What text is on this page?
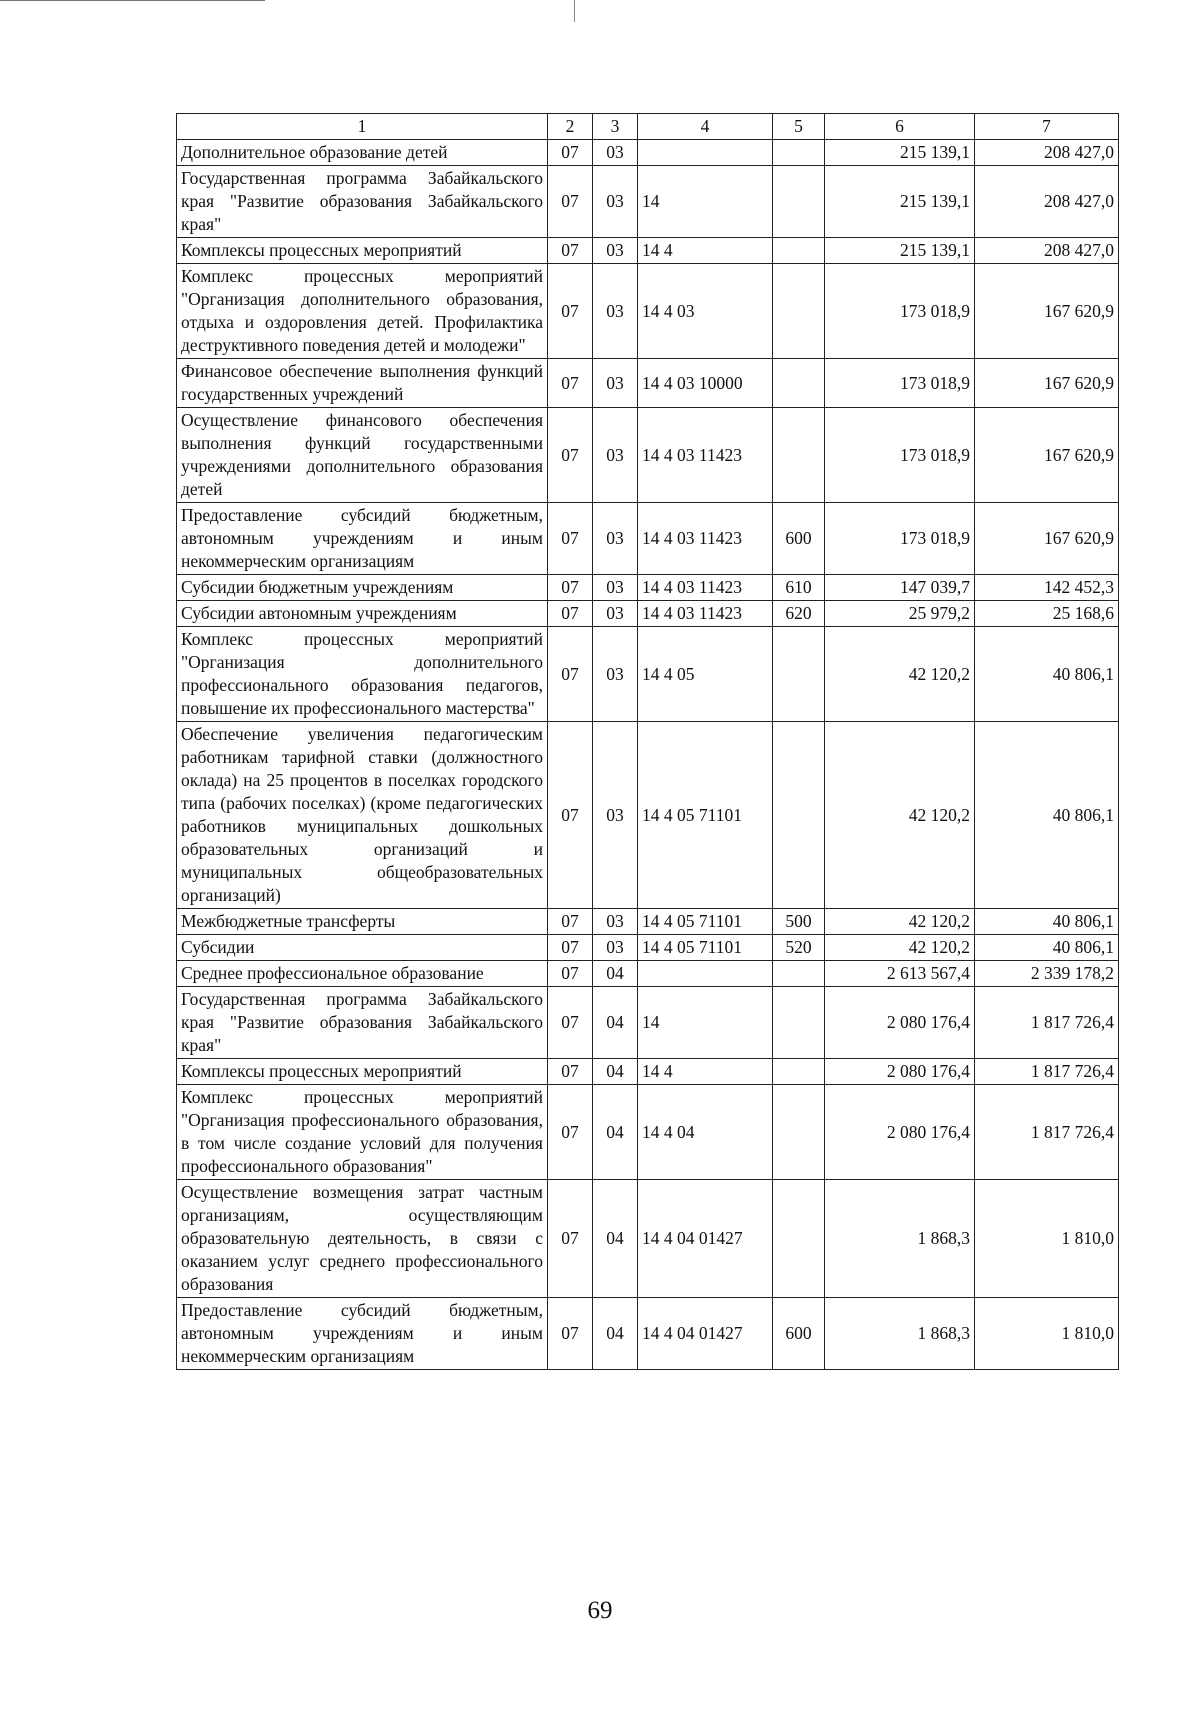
1	2	3	4	5	6	7
Дополнительное образование детей	07	03			215 139,1	208 427,0
Государственная программа Забайкальского края "Развитие образования Забайкальского края"	07	03	14		215 139,1	208 427,0
Комплексы процессных мероприятий	07	03	14 4		215 139,1	208 427,0
Комплекс процессных мероприятий "Организация дополнительного образования, отдыха и оздоровления детей. Профилактика деструктивного поведения детей и молодежи"	07	03	14 4 03		173 018,9	167 620,9
Финансовое обеспечение выполнения функций государственных учреждений	07	03	14 4 03 10000		173 018,9	167 620,9
Осуществление финансового обеспечения выполнения функций государственными учреждениями дополнительного образования детей	07	03	14 4 03 11423		173 018,9	167 620,9
Предоставление субсидий бюджетным, автономным учреждениям и иным некоммерческим организациям	07	03	14 4 03 11423	600	173 018,9	167 620,9
Субсидии бюджетным учреждениям	07	03	14 4 03 11423	610	147 039,7	142 452,3
Субсидии автономным учреждениям	07	03	14 4 03 11423	620	25 979,2	25 168,6
Комплекс процессных мероприятий "Организация дополнительного профессионального образования педагогов, повышение их профессионального мастерства"	07	03	14 4 05		42 120,2	40 806,1
Обеспечение увеличения педагогическим работникам тарифной ставки (должностного оклада) на 25 процентов в поселках городского типа (рабочих поселках) (кроме педагогических работников муниципальных дошкольных образовательных организаций и муниципальных общеобразовательных организаций)	07	03	14 4 05 71101		42 120,2	40 806,1
Межбюджетные трансферты	07	03	14 4 05 71101	500	42 120,2	40 806,1
Субсидии	07	03	14 4 05 71101	520	42 120,2	40 806,1
Среднее профессиональное образование	07	04			2 613 567,4	2 339 178,2
Государственная программа Забайкальского края "Развитие образования Забайкальского края"	07	04	14		2 080 176,4	1 817 726,4
Комплексы процессных мероприятий	07	04	14 4		2 080 176,4	1 817 726,4
Комплекс процессных мероприятий "Организация профессионального образования, в том числе создание условий для получения профессионального образования"	07	04	14 4 04		2 080 176,4	1 817 726,4
Осуществление возмещения затрат частным организациям, осуществляющим образовательную деятельность, в связи с оказанием услуг среднего профессионального образования	07	04	14 4 04 01427		1 868,3	1 810,0
Предоставление субсидий бюджетным, автономным учреждениям и иным некоммерческим организациям	07	04	14 4 04 01427	600	1 868,3	1 810,0
69
